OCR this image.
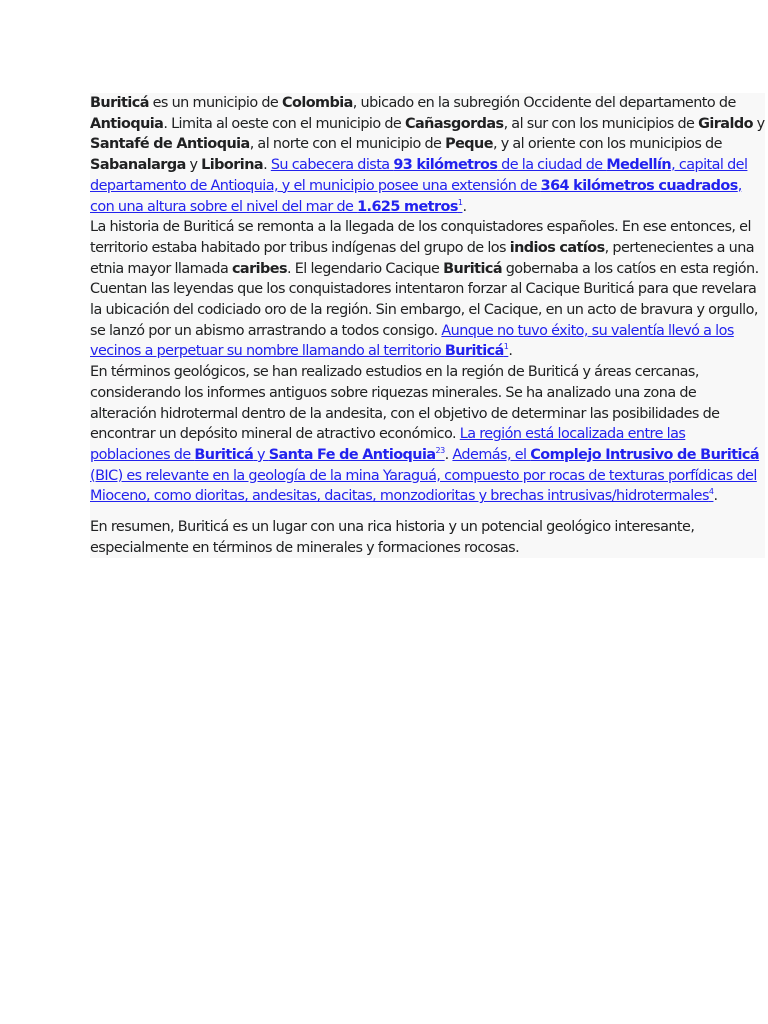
Buriticá es un municipio de Colombia, ubicado en la subregión Occidente del departamento de Antioquia. Limita al oeste con el municipio de Cañasgordas, al sur con los municipios de Giraldo y Santafé de Antioquia, al norte con el municipio de Peque, y al oriente con los municipios de Sabanalarga y Liborina. Su cabecera dista 93 kilómetros de la ciudad de Medellín, capital del departamento de Antioquia, y el municipio posee una extensión de 364 kilómetros cuadrados, con una altura sobre el nivel del mar de 1.625 metros$^1$.

La historia de Buriticá se remonta a la llegada de los conquistadores españoles. En ese entonces, el territorio estaba habitado por tribus indígenas del grupo de los indios catíos, pertenecientes a una etnia mayor llamada caribes. El legendario Cacique Buriticá gobernaba a los catíos en esta región. Cuentan las leyendas que los conquistadores intentaron forzar al Cacique Buriticá para que revelara la ubicación del codiciado oro de la región. Sin embargo, el Cacique, en un acto de bravura y orgullo, se lanzó por un abismo arrastrando a todos consigo. Aunque no tuvo éxito, su valentía llevó a los vecinos a perpetuar su nombre llamando al territorio Buriticá$^1$.

En términos geológicos, se han realizado estudios en la región de Buriticá y áreas cercanas, considerando los informes antiguos sobre riquezas minerales. Se ha analizado una zona de alteración hidrotermal dentro de la andesita, con el objetivo de determinar las posibilidades de encontrar un depósito mineral de atractivo económico. La región está localizada entre las poblaciones de Buriticá y Santa Fe de Antioquia$^{23}$. Además, el Complejo Intrusivo de Buriticá (BIC) es relevante en la geología de la mina Yaraguá, compuesto por rocas de texturas porfídicas del Mioceno, como dioritas, andesitas, dacitas, monzodioritas y brechas intrusivas/hidrotermales$^4$.

En resumen, Buriticá es un lugar con una rica historia y un potencial geológico interesante, especialmente en términos de minerales y formaciones rocosas.
